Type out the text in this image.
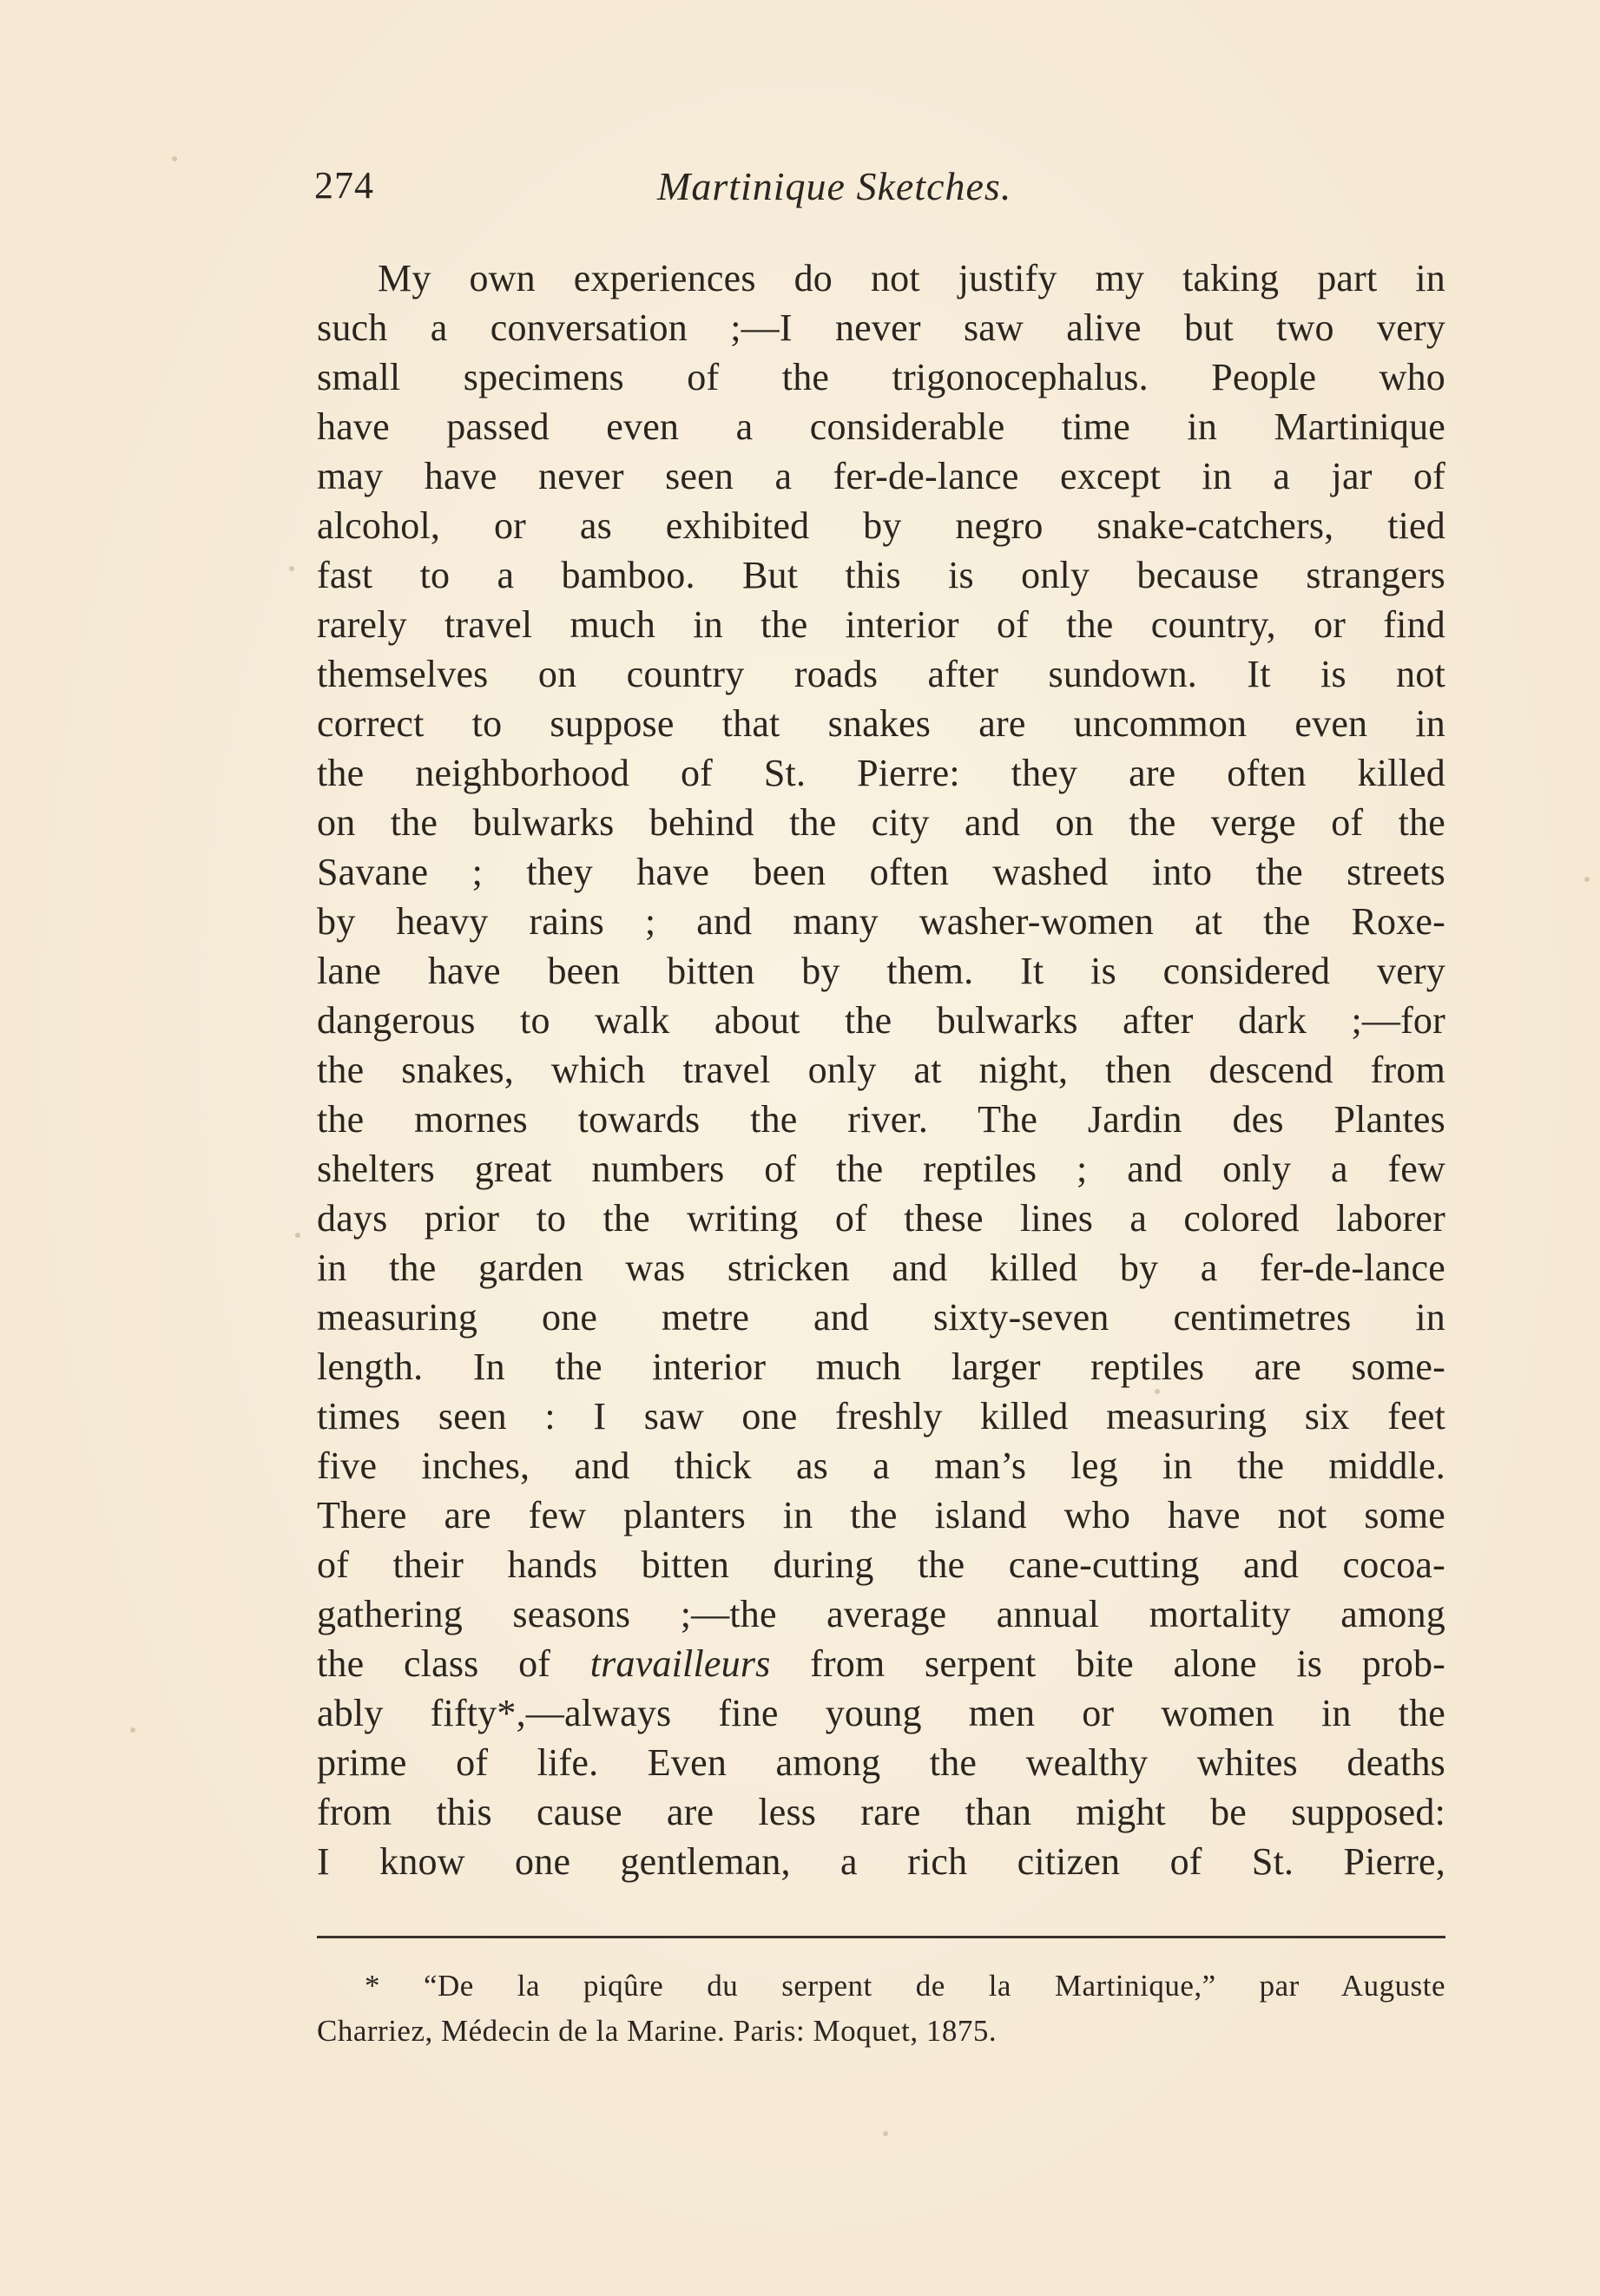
274	Martinique Sketches.
My own experiences do not justify my taking part in
such a conversation ;—I never saw alive but two very
small specimens of the trigonocephalus. People who
have passed even a considerable time in Martinique
may have never seen a fer-de-lance except in a jar of
alcohol, or as exhibited by negro snake-catchers, tied
fast to a bamboo. But this is only because strangers
rarely travel much in the interior of the country, or find
themselves on country roads after sundown. It is not
correct to suppose that snakes are uncommon even in
the neighborhood of St. Pierre: they are often killed
on the bulwarks behind the city and on the verge of the
Savane ; they have been often washed into the streets
by heavy rains ; and many washer-women at the Roxe-
lane have been bitten by them. It is considered very
dangerous to walk about the bulwarks after dark ;—for
the snakes, which travel only at night, then descend from
the mornes towards the river. The Jardin des Plantes
shelters great numbers of the reptiles ; and only a few
days prior to the writing of these lines a colored laborer
in the garden was stricken and killed by a fer-de-lance
measuring one metre and sixty-seven centimetres in
length. In the interior much larger reptiles are some-
times seen : I saw one freshly killed measuring six feet
five inches, and thick as a man’s leg in the middle.
There are few planters in the island who have not some
of their hands bitten during the cane-cutting and cocoa-
gathering seasons ;—the average annual mortality among
the class of travailleurs from serpent bite alone is prob-
ably fifty*,—always fine young men or women in the
prime of life. Even among the wealthy whites deaths
from this cause are less rare than might be supposed:
I know one gentleman, a rich citizen of St. Pierre,
* “De la piqûre du serpent de la Martinique,” par Auguste
Charriez, Médecin de la Marine. Paris: Moquet, 1875.
